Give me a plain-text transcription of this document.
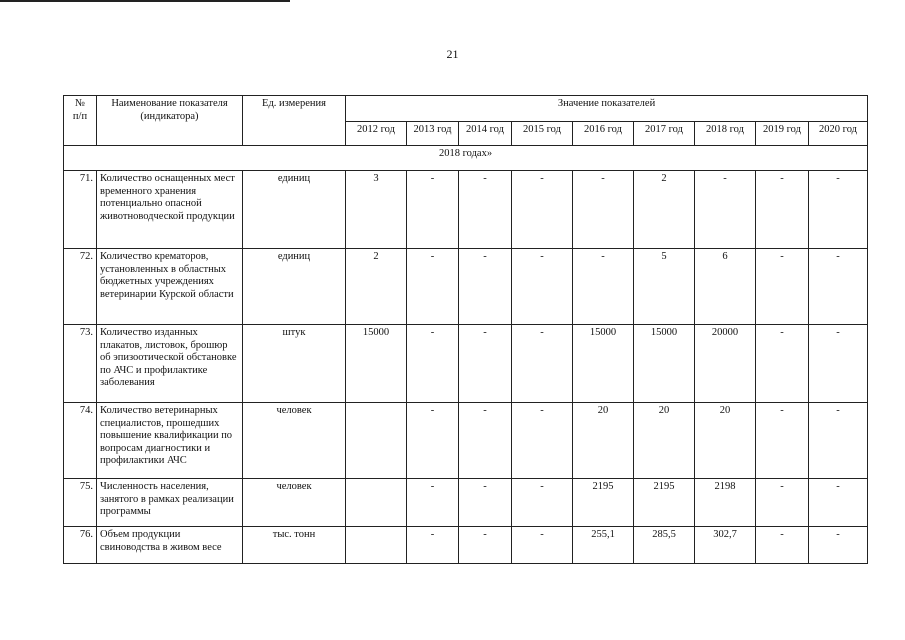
21
№
п/п	Наименование показателя
(индикатора)	Ед. измерения	Значение показателей								
			2012 год	2013 год	2014 год	2015 год	2016 год	2017 год	2018 год	2019 год	2020 год
2018 годах»											
71.	Количество оснащенных мест временного хранения потенциально опасной животноводческой продукции	единиц	3	-	-	-	-	2	-	-	-
72.	Количество крематоров, установленных в областных бюджетных учреждениях ветеринарии Курской области	единиц	2	-	-	-	-	5	6	-	-
73.	Количество изданных плакатов, листовок, брошюр об эпизоотической обстановке по АЧС и профилактике заболевания	штук	15000	-	-	-	15000	15000	20000	-	-
74.	Количество ветеринарных специалистов, прошедших повышение квалификации по вопросам диагностики и профилактики АЧС	человек		-	-	-	20	20	20	-	-
75.	Численность населения, занятого в рамках реализации программы	человек		-	-	-	2195	2195	2198	-	-
76.	Объем продукции свиноводства в живом весе	тыс. тонн		-	-	-	255,1	285,5	302,7	-	-
